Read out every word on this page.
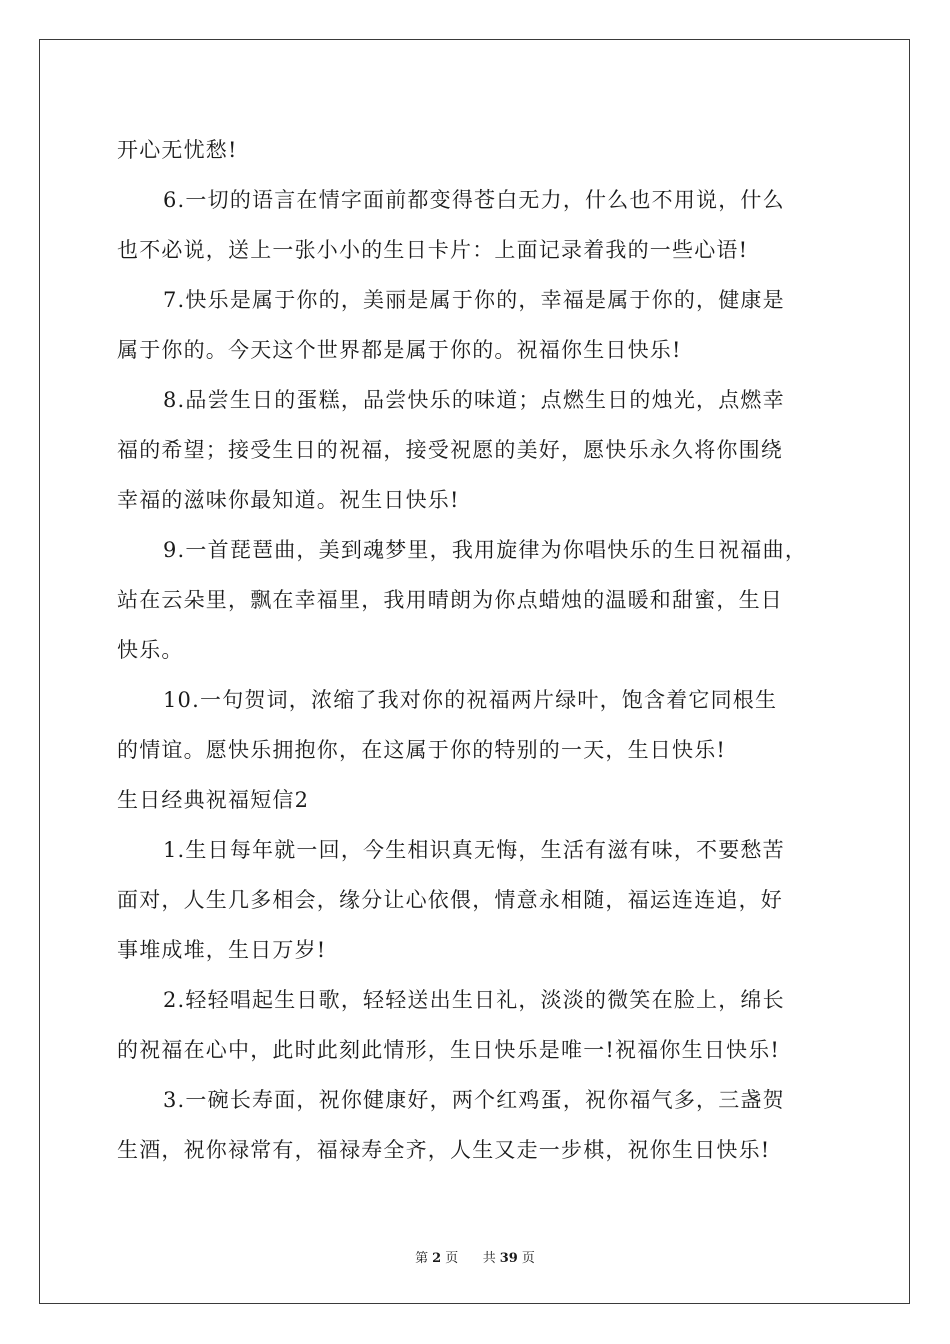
开心无忧愁!
6.一切的语言在情字面前都变得苍白无力，什么也不用说，什么
也不必说，送上一张小小的生日卡片：上面记录着我的一些心语!
7.快乐是属于你的，美丽是属于你的，幸福是属于你的，健康是
属于你的。今天这个世界都是属于你的。祝福你生日快乐!
8.品尝生日的蛋糕，品尝快乐的味道；点燃生日的烛光，点燃幸
福的希望；接受生日的祝福，接受祝愿的美好，愿快乐永久将你围绕
幸福的滋味你最知道。祝生日快乐!
9.一首琵琶曲，美到魂梦里，我用旋律为你唱快乐的生日祝福曲，
站在云朵里，飘在幸福里，我用晴朗为你点蜡烛的温暖和甜蜜，生日
快乐。
10.一句贺词，浓缩了我对你的祝福两片绿叶，饱含着它同根生
的情谊。愿快乐拥抱你，在这属于你的特别的一天，生日快乐!
生日经典祝福短信2
1.生日每年就一回，今生相识真无悔，生活有滋有味，不要愁苦
面对，人生几多相会，缘分让心依偎，情意永相随，福运连连追，好
事堆成堆，生日万岁!
2.轻轻唱起生日歌，轻轻送出生日礼，淡淡的微笑在脸上，绵长
的祝福在心中，此时此刻此情形，生日快乐是唯一!祝福你生日快乐!
3.一碗长寿面，祝你健康好，两个红鸡蛋，祝你福气多，三盏贺
生酒，祝你禄常有，福禄寿全齐，人生又走一步棋，祝你生日快乐!
第 2 页 共 39 页
